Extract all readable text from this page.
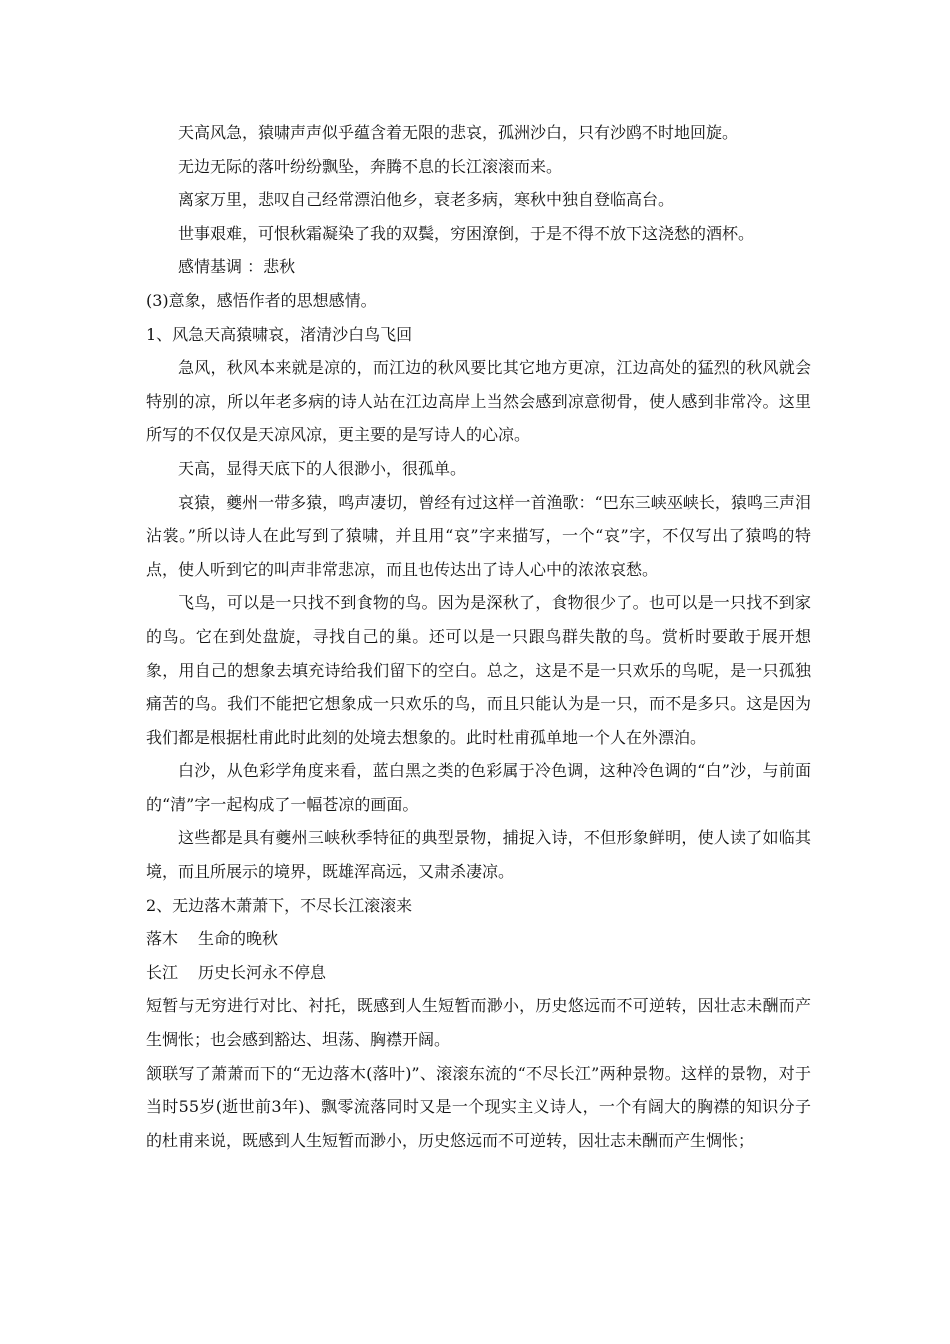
天高风急，猿啸声声似乎蕴含着无限的悲哀，孤洲沙白，只有沙鸥不时地回旋。

无边无际的落叶纷纷飘坠，奔腾不息的长江滚滚而来。

离家万里，悲叹自己经常漂泊他乡，衰老多病，寒秋中独自登临高台。

世事艰难，可恨秋霜凝染了我的双鬓，穷困潦倒，于是不得不放下这浇愁的酒杯。

感情基调 ：悲秋

(3)意象，感悟作者的思想感情。

1、风急天高猿啸哀，渚清沙白鸟飞回

急风，秋风本来就是凉的，而江边的秋风要比其它地方更凉，江边高处的猛烈的秋风就会特别的凉，所以年老多病的诗人站在江边高岸上当然会感到凉意彻骨，使人感到非常冷。这里所写的不仅仅是天凉风凉，更主要的是写诗人的心凉。

天高，显得天底下的人很渺小，很孤单。

哀猿，夔州一带多猿，鸣声凄切，曾经有过这样一首渔歌：“巴东三峡巫峡长，猿鸣三声泪沾裳。”所以诗人在此写到了猿啸，并且用“哀”字来描写，一个“哀”字，不仅写出了猿鸣的特点，使人听到它的叫声非常悲凉，而且也传达出了诗人心中的浓浓哀愁。

飞鸟，可以是一只找不到食物的鸟。因为是深秋了，食物很少了。也可以是一只找不到家的鸟。它在到处盘旋，寻找自己的巢。还可以是一只跟鸟群失散的鸟。赏析时要敢于展开想象，用自己的想象去填充诗给我们留下的空白。总之，这是不是一只欢乐的鸟呢，是一只孤独痛苦的鸟。我们不能把它想象成一只欢乐的鸟，而且只能认为是一只，而不是多只。这是因为我们都是根据杜甫此时此刻的处境去想象的。此时杜甫孤单地一个人在外漂泊。

白沙，从色彩学角度来看，蓝白黑之类的色彩属于冷色调，这种冷色调的“白”沙，与前面的“清”字一起构成了一幅苍凉的画面。

这些都是具有夔州三峡秋季特征的典型景物，捕捉入诗，不但形象鲜明，使人读了如临其境，而且所展示的境界，既雄浑高远，又肃杀凄凉。

2、无边落木萧萧下，不尽长江滚滚来

落木	生命的晚秋
长江	历史长河永不停息

短暂与无穷进行对比、衬托，既感到人生短暂而渺小，历史悠远而不可逆转，因壮志未酬而产生惆怅；也会感到豁达、坦荡、胸襟开阔。

颔联写了萧萧而下的“无边落木(落叶)”、滚滚东流的“不尽长江”两种景物。这样的景物，对于当时55岁(逝世前3年)、飘零流落同时又是一个现实主义诗人，一个有阔大的胸襟的知识分子的杜甫来说，既感到人生短暂而渺小，历史悠远而不可逆转，因壮志未酬而产生惆怅；
